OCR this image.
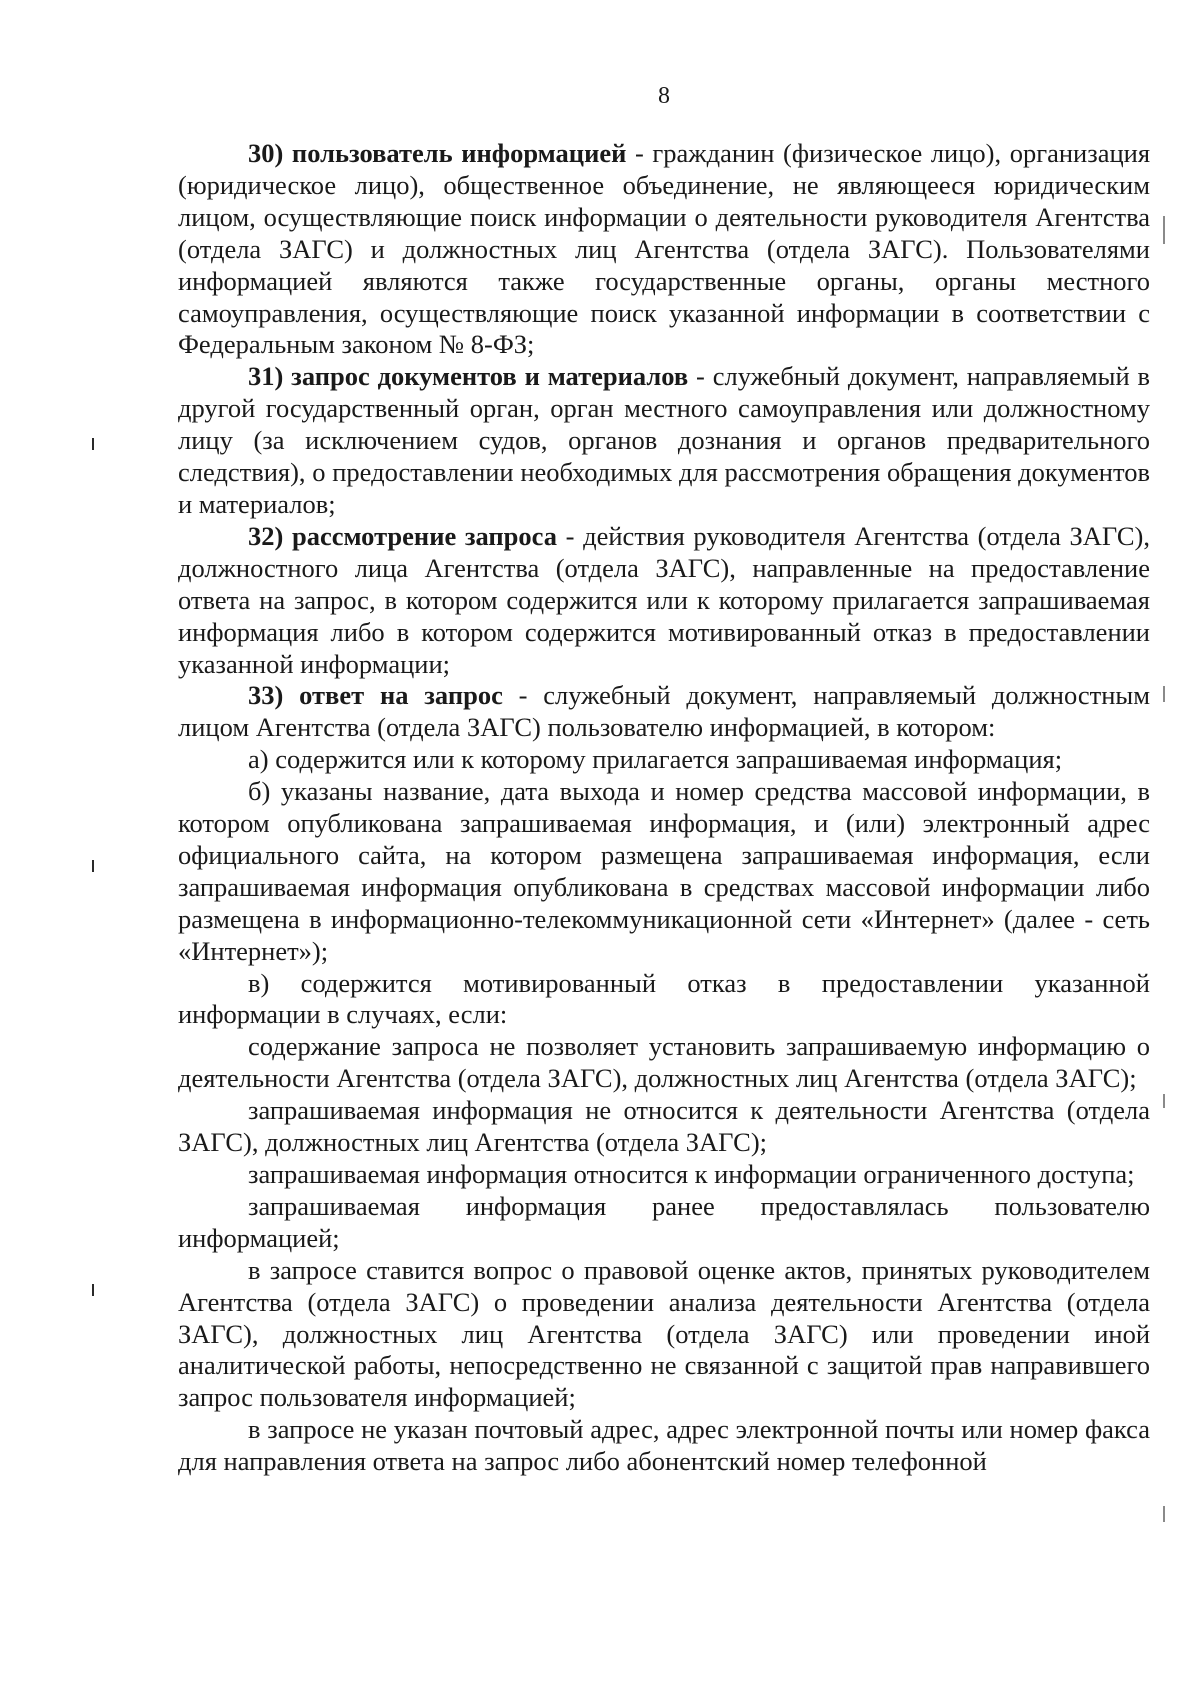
8

30) пользователь информацией - гражданин (физическое лицо), организация (юридическое лицо), общественное объединение, не являющееся юридическим лицом, осуществляющие поиск информации о деятельности руководителя Агентства (отдела ЗАГС) и должностных лиц Агентства (отдела ЗАГС). Пользователями информацией являются также государственные органы, органы местного самоуправления, осуществляющие поиск указанной информации в соответствии с Федеральным законом № 8-ФЗ;

31) запрос документов и материалов - служебный документ, направляемый в другой государственный орган, орган местного самоуправления или должностному лицу (за исключением судов, органов дознания и органов предварительного следствия), о предоставлении необходимых для рассмотрения обращения документов и материалов;

32) рассмотрение запроса - действия руководителя Агентства (отдела ЗАГС), должностного лица Агентства (отдела ЗАГС), направленные на предоставление ответа на запрос, в котором содержится или к которому прилагается запрашиваемая информация либо в котором содержится мотивированный отказ в предоставлении указанной информации;

33) ответ на запрос - служебный документ, направляемый должностным лицом Агентства (отдела ЗАГС) пользователю информацией, в котором:

а) содержится или к которому прилагается запрашиваемая информация;

б) указаны название, дата выхода и номер средства массовой информации, в котором опубликована запрашиваемая информация, и (или) электронный адрес официального сайта, на котором размещена запрашиваемая информация, если запрашиваемая информация опубликована в средствах массовой информации либо размещена в информационно-телекоммуникационной сети «Интернет» (далее - сеть «Интернет»);

в) содержится мотивированный отказ в предоставлении указанной информации в случаях, если:

содержание запроса не позволяет установить запрашиваемую информацию о деятельности Агентства (отдела ЗАГС), должностных лиц Агентства (отдела ЗАГС);

запрашиваемая информация не относится к деятельности Агентства (отдела ЗАГС), должностных лиц Агентства (отдела ЗАГС);

запрашиваемая информация относится к информации ограниченного доступа;

запрашиваемая информация ранее предоставлялась пользователю информацией;

в запросе ставится вопрос о правовой оценке актов, принятых руководителем Агентства (отдела ЗАГС) о проведении анализа деятельности Агентства (отдела ЗАГС), должностных лиц Агентства (отдела ЗАГС) или проведении иной аналитической работы, непосредственно не связанной с защитой прав направившего запрос пользователя информацией;

в запросе не указан почтовый адрес, адрес электронной почты или номер факса для направления ответа на запрос либо абонентский номер телефонной
